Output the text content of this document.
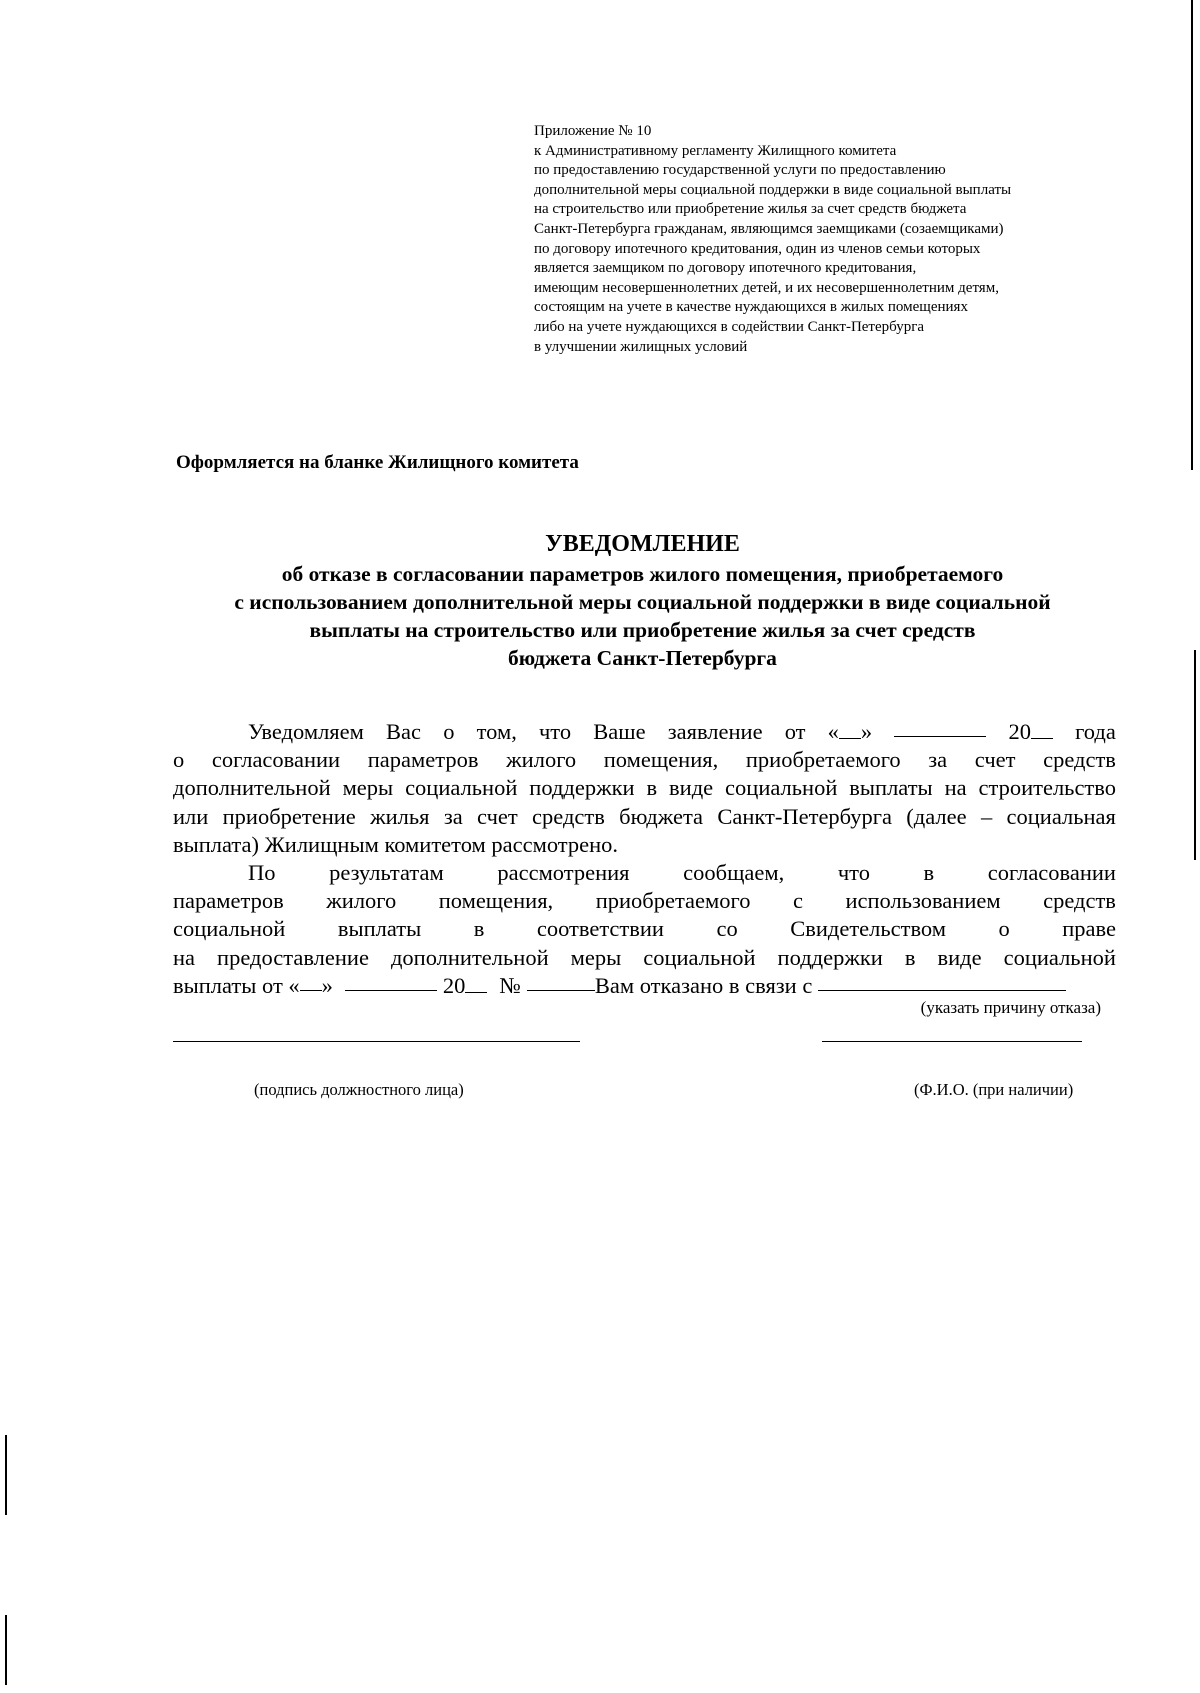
Приложение № 10
к Административному регламенту Жилищного комитета
по предоставлению государственной услуги по предоставлению
дополнительной меры социальной поддержки в виде социальной выплаты
на строительство или приобретение жилья за счет средств бюджета
Санкт-Петербурга гражданам, являющимся заемщиками (созаемщиками)
по договору ипотечного кредитования, один из членов семьи которых
является заемщиком по договору ипотечного кредитования,
имеющим несовершеннолетних детей, и их несовершеннолетним детям,
состоящим на учете в качестве нуждающихся в жилых помещениях
либо на учете нуждающихся в содействии Санкт-Петербурга
в улучшении жилищных условий
Оформляется на бланке Жилищного комитета
УВЕДОМЛЕНИЕ
об отказе в согласовании параметров жилого помещения, приобретаемого
с использованием дополнительной меры социальной поддержки в виде социальной
выплаты на строительство или приобретение жилья за счет средств
бюджета Санкт-Петербурга
Уведомляем Вас о том, что Ваше заявление от « »	20	года
о согласовании параметров жилого помещения, приобретаемого за счет средств
дополнительной меры социальной поддержки в виде социальной выплаты на строительство
или приобретение жилья за счет средств бюджета Санкт-Петербурга (далее – социальная
выплата) Жилищным комитетом рассмотрено.
По результатам рассмотрения сообщаем, что в согласовании
параметров жилого помещения, приобретаемого с использованием средств
социальной выплаты в соответствии со Свидетельством о праве
на предоставление дополнительной меры социальной поддержки в виде социальной
выплаты от « »	20	№	Вам отказано в связи с
(указать причину отказа)
(подпись должностного лица)	(Ф.И.О. (при наличии)
